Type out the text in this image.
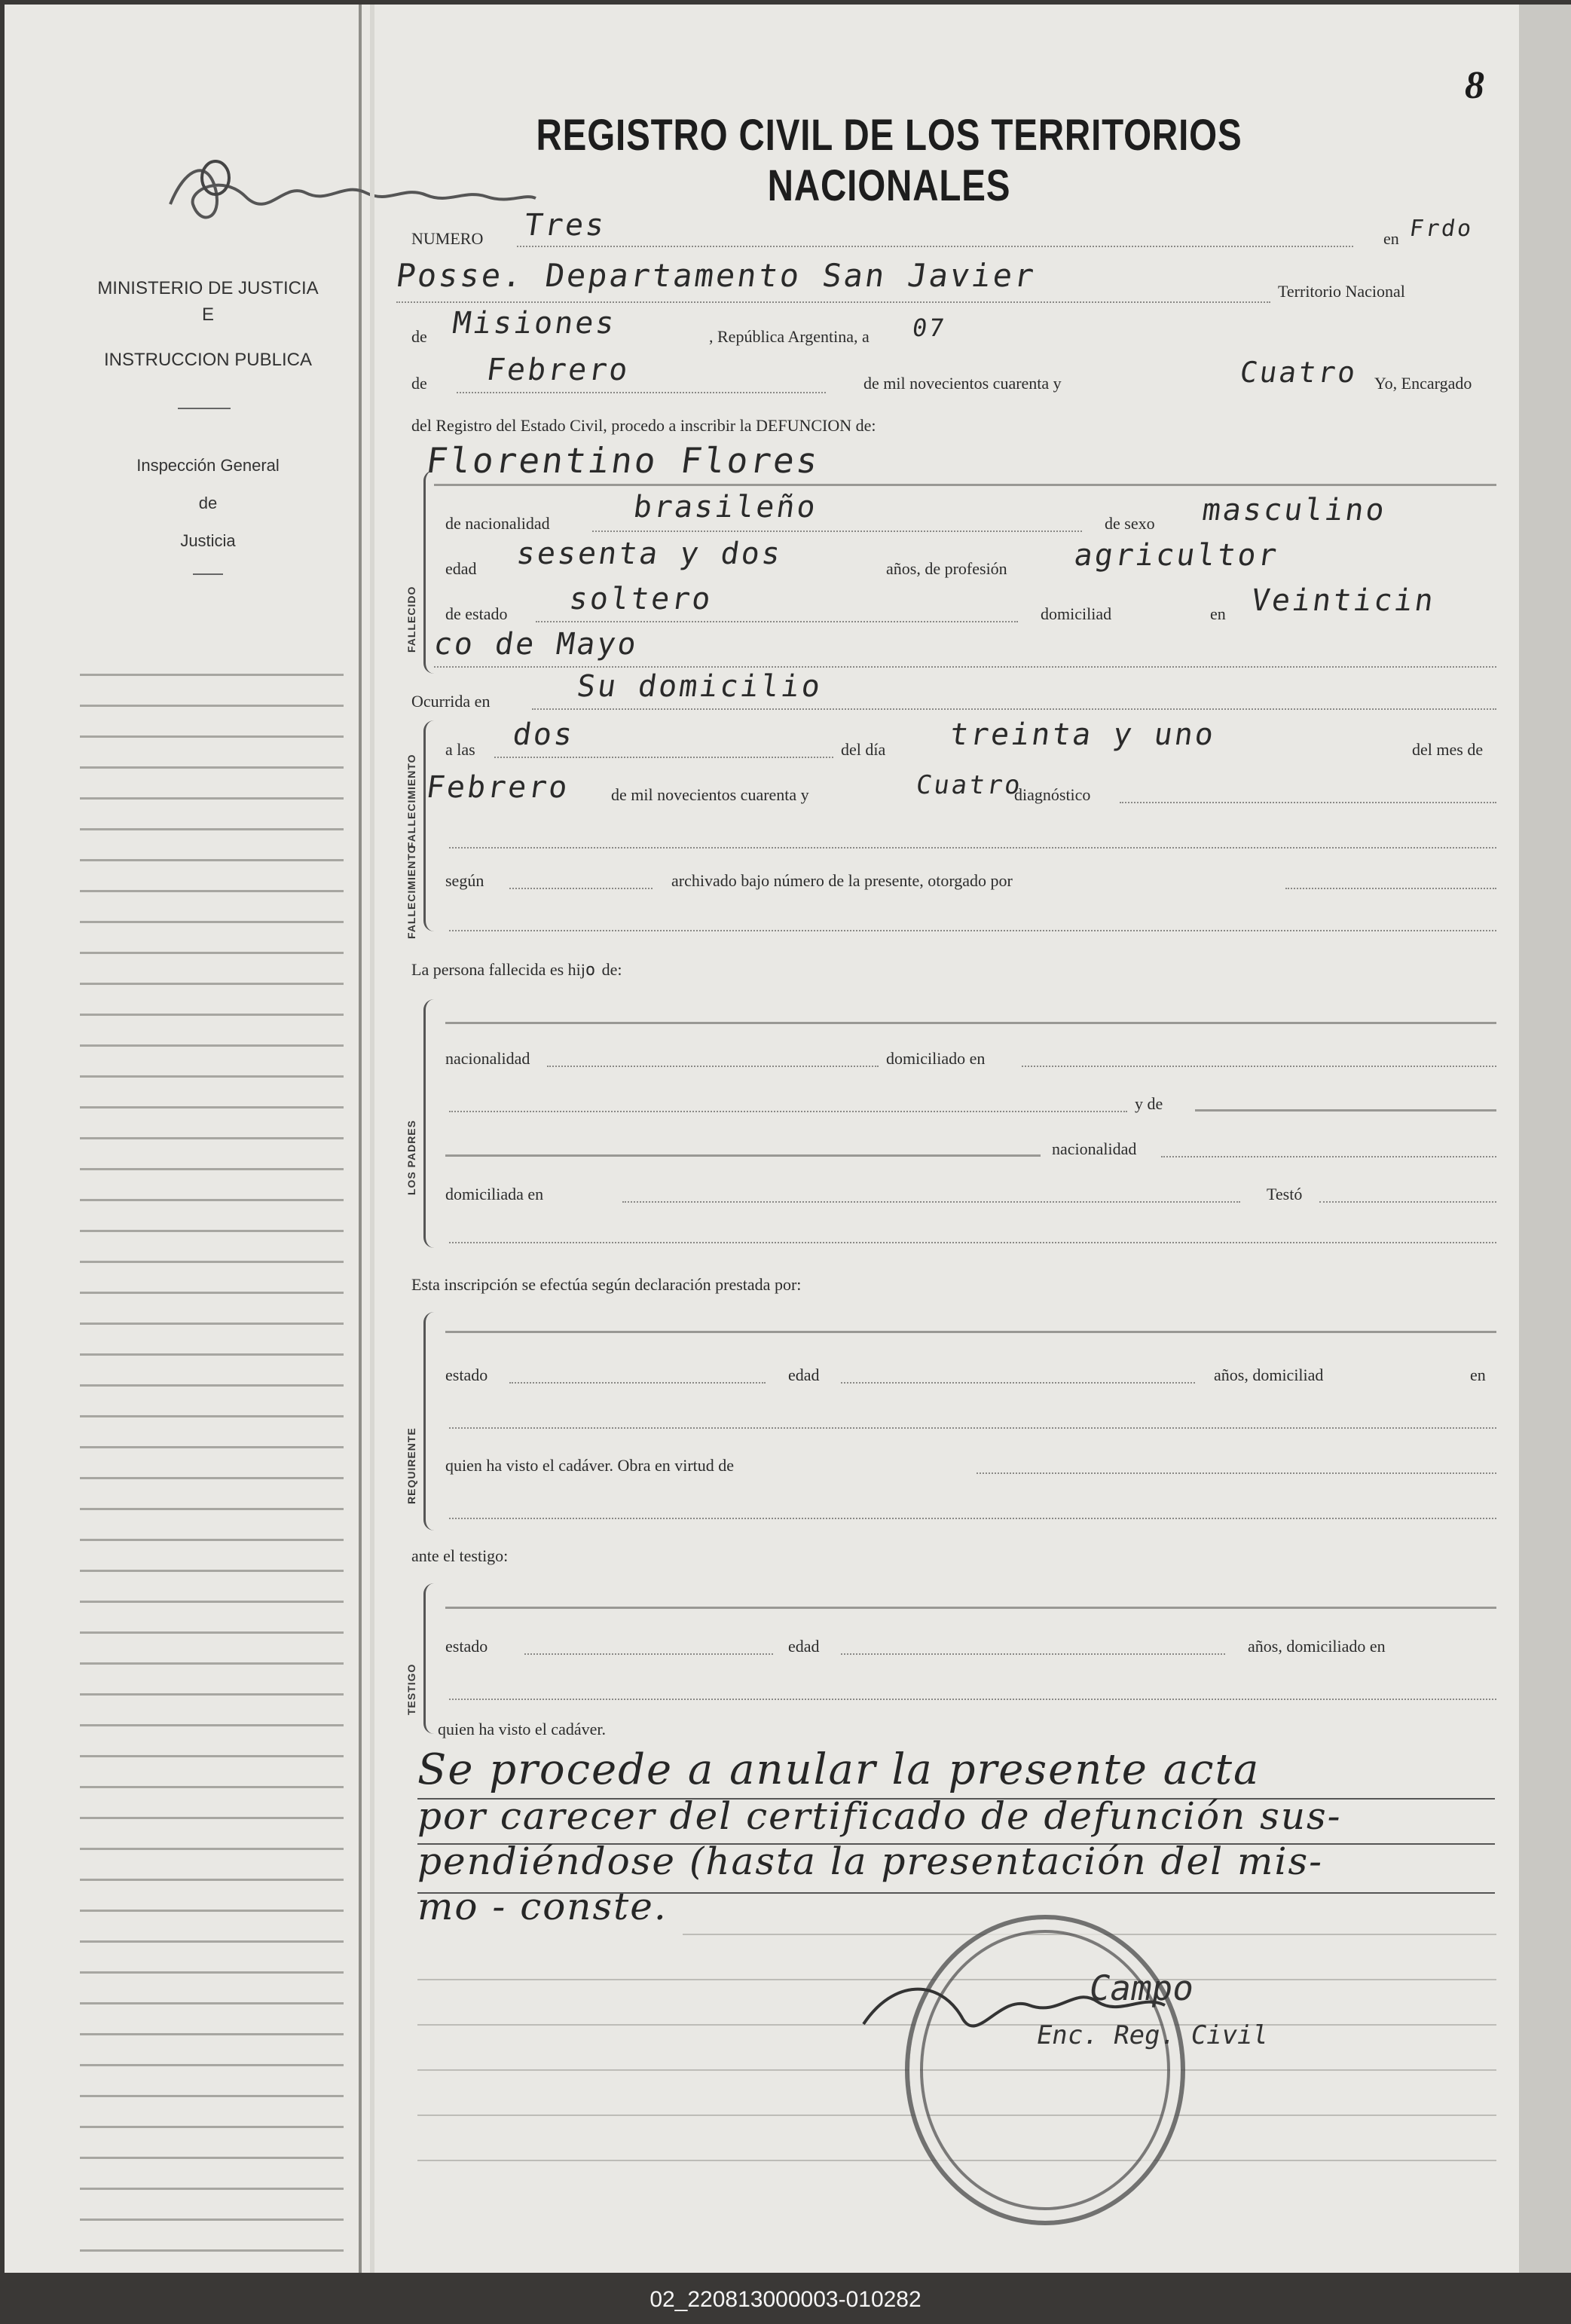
MINISTERIO DE JUSTICIA
E
INSTRUCCION PUBLICA
Inspección General
de
Justicia
8
REGISTRO CIVIL DE LOS TERRITORIOS NACIONALES
NUMERO Tres	en Frdo
Posse. Departamento San Javier	Territorio Nacional
de Misiones	, República Argentina, a 07
de Febrero	de mil novecientos cuarenta y	Cuatro Yo, Encargado
del Registro del Estado Civil, procedo a inscribir la DEFUNCION de:
Florentino Flores
FALLECIDO
de nacionalidad	brasileño	de sexo masculino
edad sesenta y dos	años, de profesión agricultor
de estado soltero	domiciliad	en Veinticin
co de Mayo
Ocurrida en	Su domicilio
FALLECIMIENTO
FALLECIMIENTO
a las dos	del día treinta y uno	del mes de
Febrero de mil novecientos cuarenta y	Cuatro
diagnóstico
según	archivado bajo número de la presente, otorgado por
La persona fallecida es hijo de:
LOS PADRES
nacionalidad	domiciliado en
y de
nacionalidad
domiciliada en	Testó
Esta inscripción se efectúa según declaración prestada por:
REQUIRENTE
estado	edad	años, domiciliad	en
quien ha visto el cadáver. Obra en virtud de
ante el testigo:
TESTIGO
estado	edad	años, domiciliado en
quien ha visto el cadáver.
Se procede a anular la presente acta
por carecer del certificado de defunción sus-
pendiéndose (hasta la presentación del mis-
mo - conste.
Campo
Enc. Reg. Civil
02_220813000003-010282
